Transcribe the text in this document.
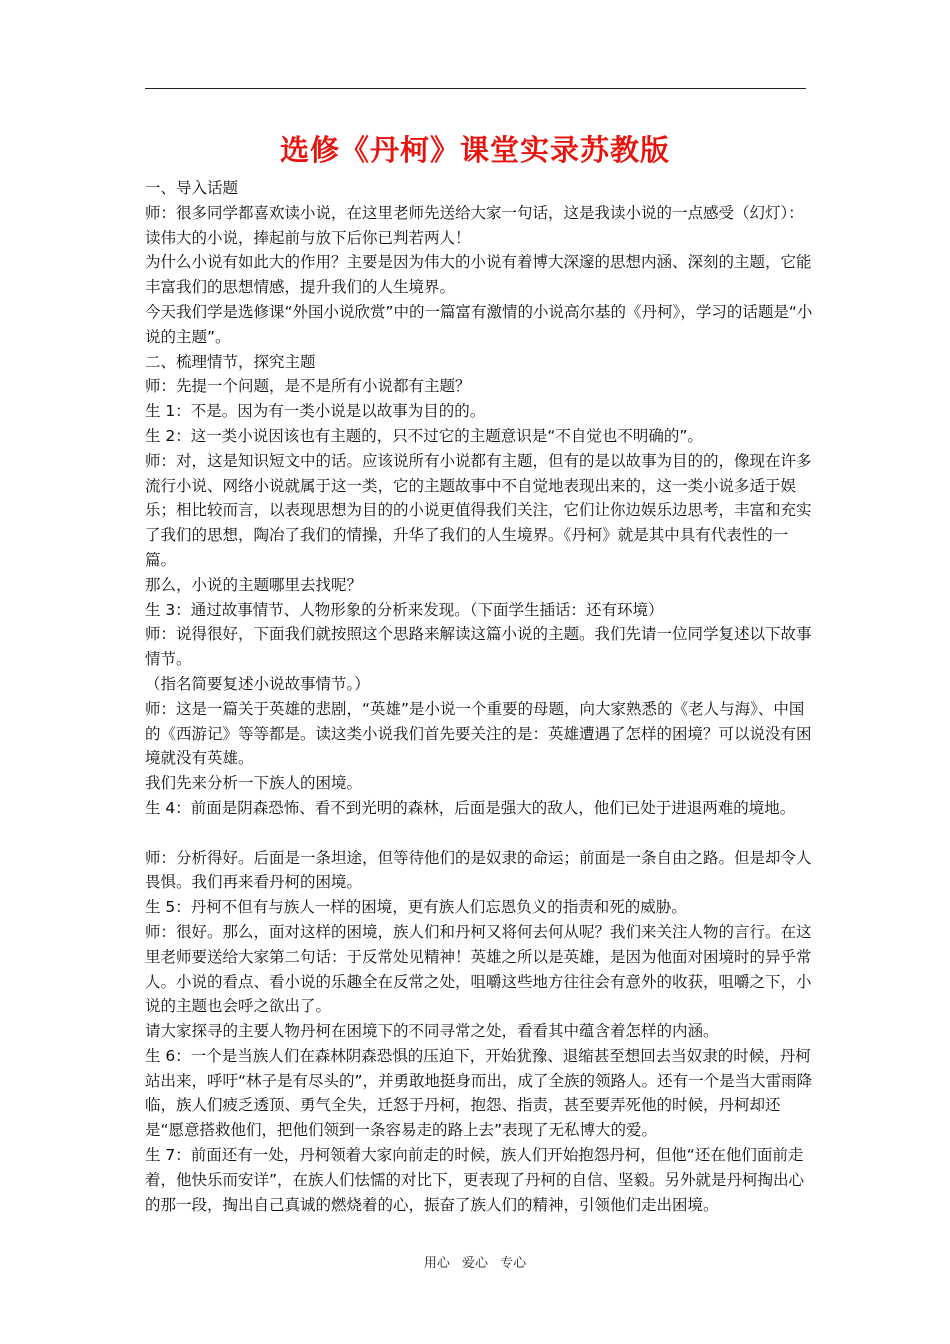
选修《丹柯》课堂实录苏教版

一、导入话题

师：很多同学都喜欢读小说，在这里老师先送给大家一句话，这是我读小说的一点感受（幻灯）：读伟大的小说，捧起前与放下后你已判若两人！

为什么小说有如此大的作用？主要是因为伟大的小说有着博大深邃的思想内涵、深刻的主题，它能丰富我们的思想情感，提升我们的人生境界。

今天我们学是选修课“外国小说欣赏”中的一篇富有激情的小说高尔基的《丹柯》，学习的话题是“小说的主题”。

二、梳理情节，探究主题

师：先提一个问题，是不是所有小说都有主题？

生 1：不是。因为有一类小说是以故事为目的的。

生 2：这一类小说因该也有主题的，只不过它的主题意识是“不自觉也不明确的”。

师：对，这是知识短文中的话。应该说所有小说都有主题，但有的是以故事为目的的，像现在许多流行小说、网络小说就属于这一类，它的主题故事中不自觉地表现出来的，这一类小说多适于娱乐；相比较而言，以表现思想为目的的小说更值得我们关注，它们让你边娱乐边思考，丰富和充实了我们的思想，陶冶了我们的情操，升华了我们的人生境界。《丹柯》就是其中具有代表性的一篇。

那么，小说的主题哪里去找呢？

生 3：通过故事情节、人物形象的分析来发现。（下面学生插话：还有环境）

师：说得很好，下面我们就按照这个思路来解读这篇小说的主题。我们先请一位同学复述以下故事情节。

（指名简要复述小说故事情节。）

师：这是一篇关于英雄的悲剧，“英雄”是小说一个重要的母题，向大家熟悉的《老人与海》、中国的《西游记》等等都是。读这类小说我们首先要关注的是：英雄遭遇了怎样的困境？可以说没有困境就没有英雄。

我们先来分析一下族人的困境。

生 4：前面是阴森恐怖、看不到光明的森林，后面是强大的敌人，他们已处于进退两难的境地。

师：分析得好。后面是一条坦途，但等待他们的是奴隶的命运；前面是一条自由之路。但是却令人畏惧。我们再来看丹柯的困境。

生 5：丹柯不但有与族人一样的困境，更有族人们忘恩负义的指责和死的威胁。

师：很好。那么，面对这样的困境，族人们和丹柯又将何去何从呢？我们来关注人物的言行。在这里老师要送给大家第二句话：于反常处见精神！英雄之所以是英雄，是因为他面对困境时的异乎常人。小说的看点、看小说的乐趣全在反常之处，咀嚼这些地方往往会有意外的收获，咀嚼之下，小说的主题也会呼之欲出了。

请大家探寻的主要人物丹柯在困境下的不同寻常之处，看看其中蕴含着怎样的内涵。

生 6：一个是当族人们在森林阴森恐惧的压迫下，开始犹豫、退缩甚至想回去当奴隶的时候，丹柯站出来，呼吁“林子是有尽头的”，并勇敢地挺身而出，成了全族的领路人。还有一个是当大雷雨降临，族人们疲乏透顶、勇气全失，迁怒于丹柯，抱怨、指责，甚至要弄死他的时候，丹柯却还是“愿意搭救他们，把他们领到一条容易走的路上去”表现了无私博大的爱。

生 7：前面还有一处，丹柯领着大家向前走的时候，族人们开始抱怨丹柯，但他“还在他们面前走着，他快乐而安详”，在族人们怯懦的对比下，更表现了丹柯的自信、坚毅。另外就是丹柯掏出心的那一段，掏出自己真诚的燃烧着的心，振奋了族人们的精神，引领他们走出困境。

用心 爱心 专心
